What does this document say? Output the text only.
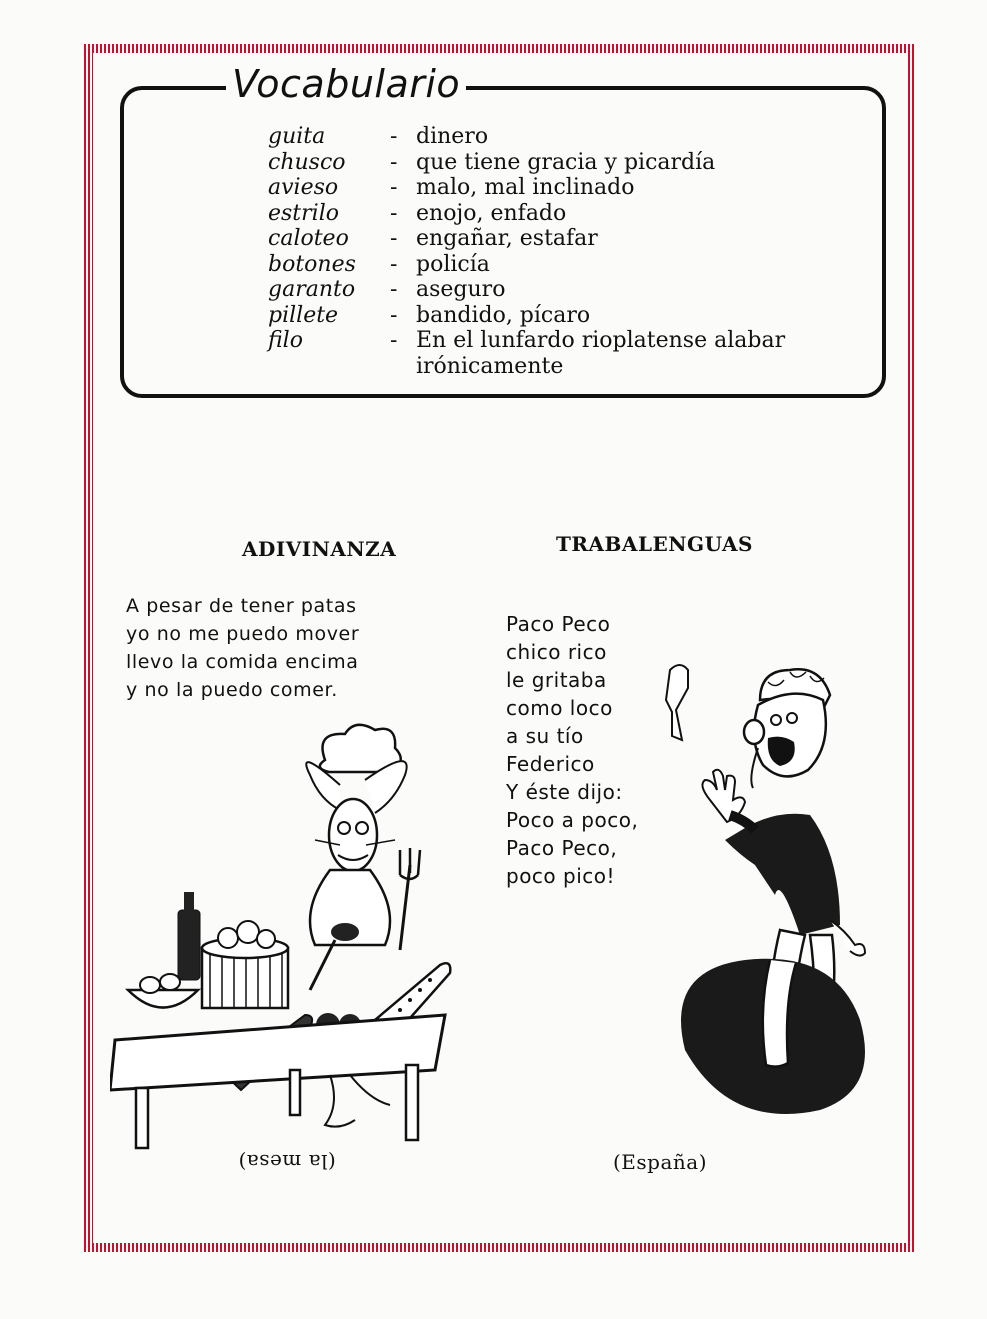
Vocabulario
guita	- dinero
chusco	- que tiene gracia y picardía
avieso	- malo, mal inclinado
estrilo	- enojo, enfado
caloteo	- engañar, estafar
botones	- policía
garanto	- aseguro
pillete	- bandido, pícaro
filo	- En el lunfardo rioplatense alabar irónicamente
ADIVINANZA
A pesar de tener patas
yo no me puedo mover
llevo la comida encima
y no la puedo comer.
TRABALENGUAS
Paco Peco
chico rico
le gritaba
como loco
a su tío
Federico
Y éste dijo:
Poco a poco,
Paco Peco,
poco pico!
(la mesa)	(España)
